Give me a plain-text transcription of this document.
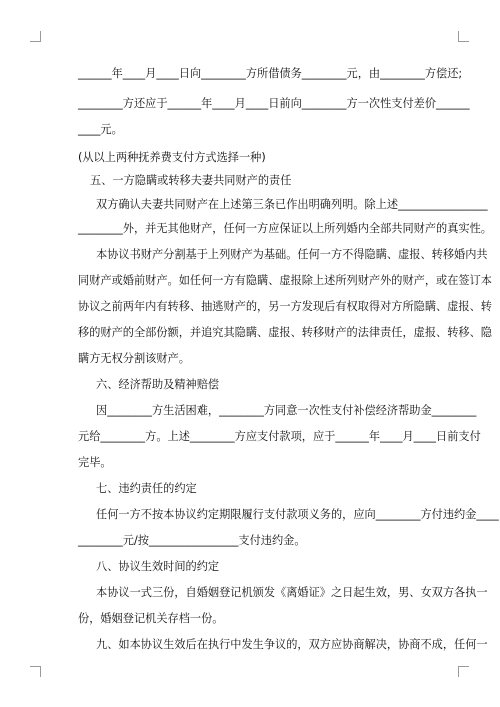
______年____月____日向________方所借债务________元，由________方偿还;
________方还应于______年____月____日前向________方一次性支付差价______
____元。
(从以上两种抚养费支付方式选择一种)
五、一方隐瞒或转移夫妻共同财产的责任
双方确认夫妻共同财产在上述第三条已作出明确列明。除上述________________
________外，并无其他财产，任何一方应保证以上所列婚内全部共同财产的真实性。
本协议书财产分割基于上列财产为基础。任何一方不得隐瞒、虚报、转移婚内共
同财产或婚前财产。如任何一方有隐瞒、虚报除上述所列财产外的财产，或在签订本
协议之前两年内有转移、抽逃财产的，另一方发现后有权取得对方所隐瞒、虚报、转
移的财产的全部份额，并追究其隐瞒、虚报、转移财产的法律责任，虚报、转移、隐
瞒方无权分割该财产。
六、经济帮助及精神赔偿
因________方生活困难，________方同意一次性支付补偿经济帮助金________
元给________方。上述________方应支付款项，应于______年____月____日前支付
完毕。
七、违约责任的约定
任何一方不按本协议约定期限履行支付款项义务的，应向________方付违约金____
________元/按________________支付违约金。
八、协议生效时间的约定
本协议一式三份，自婚姻登记机颁发《离婚证》之日起生效，男、女双方各执一
份，婚姻登记机关存档一份。
九、如本协议生效后在执行中发生争议的，双方应协商解决，协商不成，任何一
